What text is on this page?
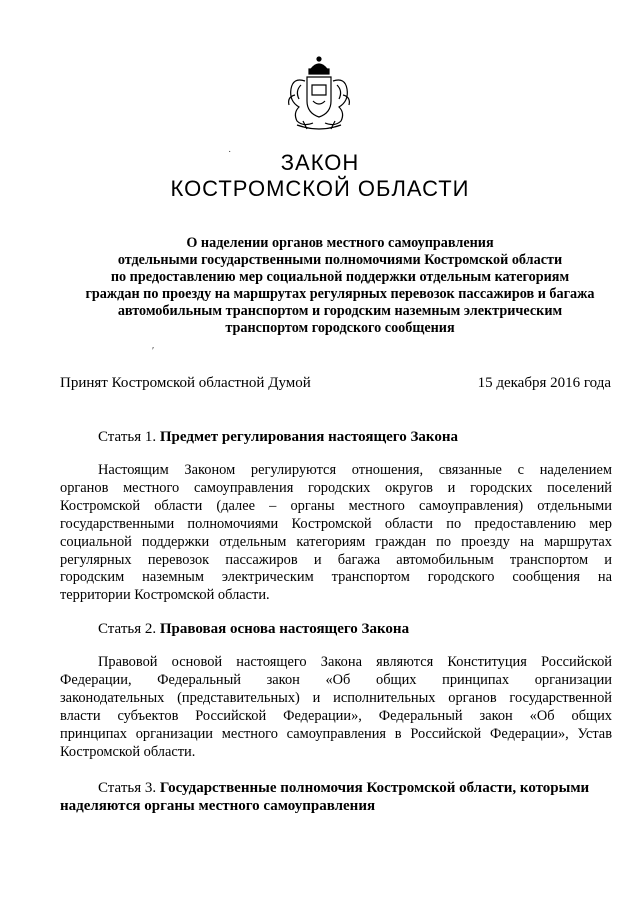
ЗАКОН
КОСТРОМСКОЙ ОБЛАСТИ
˙
О наделении органов местного самоуправления
отдельными государственными полномочиями Костромской области
по предоставлению мер социальной поддержки отдельным категориям
граждан по проезду на маршрутах регулярных перевозок пассажиров и багажа
автомобильным транспортом и городским наземным электрическим
транспортом городского сообщения
′
Принят Костромской областной Думой	15 декабря 2016 года
Статья 1. Предмет регулирования настоящего Закона
Настоящим Законом регулируются отношения, связанные с наделением
органов местного самоуправления городских округов и городских поселений
Костромской области (далее – органы местного самоуправления) отдельными
государственными полномочиями Костромской области по предоставлению мер
социальной поддержки отдельным категориям граждан по проезду на маршрутах
регулярных перевозок пассажиров и багажа автомобильным транспортом и
городским наземным электрическим транспортом городского сообщения на
территории Костромской области.
Статья 2. Правовая основа настоящего Закона
Правовой основой настоящего Закона являются Конституция Российской
Федерации, Федеральный закон «Об общих принципах организации
законодательных (представительных) и исполнительных органов государственной
власти субъектов Российской Федерации», Федеральный закон «Об общих
принципах организации местного самоуправления в Российской Федерации», Устав
Костромской области.
Статья 3. Государственные полномочия Костромской области, которыми
наделяются органы местного самоуправления
